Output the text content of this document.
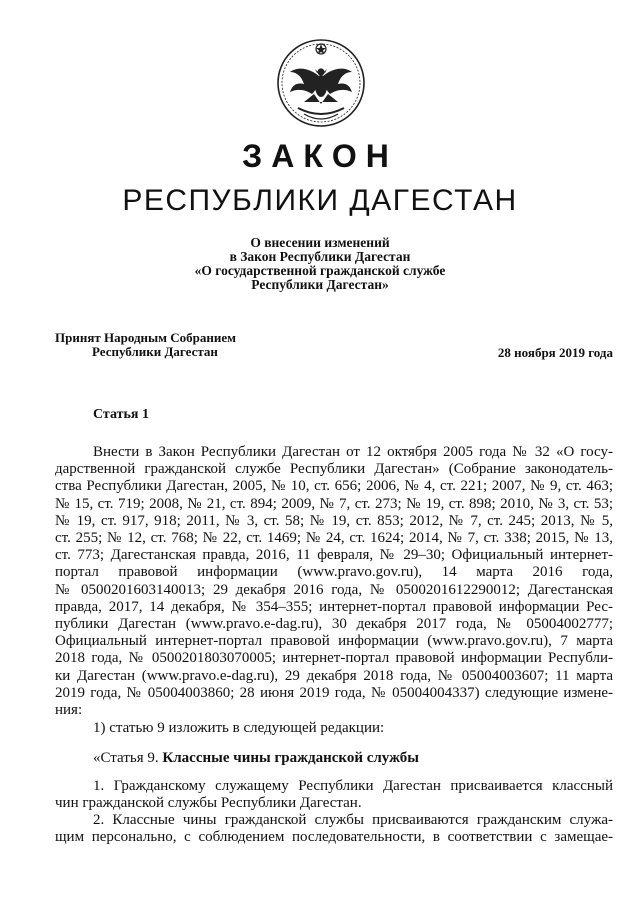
ЗАКОН
РЕСПУБЛИКИ ДАГЕСТАН
О внесении изменений
в Закон Республики Дагестан
«О государственной гражданской службе
Республики Дагестан»
Принят Народным Собранием
Республики Дагестан	28 ноября 2019 года
Статья 1
Внести в Закон Республики Дагестан от 12 октября 2005 года № 32 «О госу-
дарственной гражданской службе Республики Дагестан» (Собрание законодатель-
ства Республики Дагестан, 2005, № 10, ст. 656; 2006, № 4, ст. 221; 2007, № 9, ст. 463;
№ 15, ст. 719; 2008, № 21, ст. 894; 2009, № 7, ст. 273; № 19, ст. 898; 2010, № 3, ст. 53;
№ 19, ст. 917, 918; 2011, № 3, ст. 58; № 19, ст. 853; 2012, № 7, ст. 245; 2013, № 5,
ст. 255; № 12, ст. 768; № 22, ст. 1469; № 24, ст. 1624; 2014, № 7, ст. 338; 2015, № 13,
ст. 773; Дагестанская правда, 2016, 11 февраля, № 29–30; Официальный интернет-
портал правовой информации (www.pravo.gov.ru), 14 марта 2016 года,
№ 0500201603140013; 29 декабря 2016 года, № 0500201612290012; Дагестанская
правда, 2017, 14 декабря, № 354–355; интернет-портал правовой информации Рес-
публики Дагестан (www.pravo.e-dag.ru), 30 декабря 2017 года, № 05004002777;
Официальный интернет-портал правовой информации (www.pravo.gov.ru), 7 марта
2018 года, № 0500201803070005; интернет-портал правовой информации Республи-
ки Дагестан (www.pravo.e-dag.ru), 29 декабря 2018 года, № 05004003607; 11 марта
2019 года, № 05004003860; 28 июня 2019 года, № 05004004337) следующие измене-
ния:
1) статью 9 изложить в следующей редакции:
«Статья 9. Классные чины гражданской службы
1. Гражданскому служащему Республики Дагестан присваивается классный
чин гражданской службы Республики Дагестан.
2. Классные чины гражданской службы присваиваются гражданским служа-
щим персонально, с соблюдением последовательности, в соответствии с замещае-
